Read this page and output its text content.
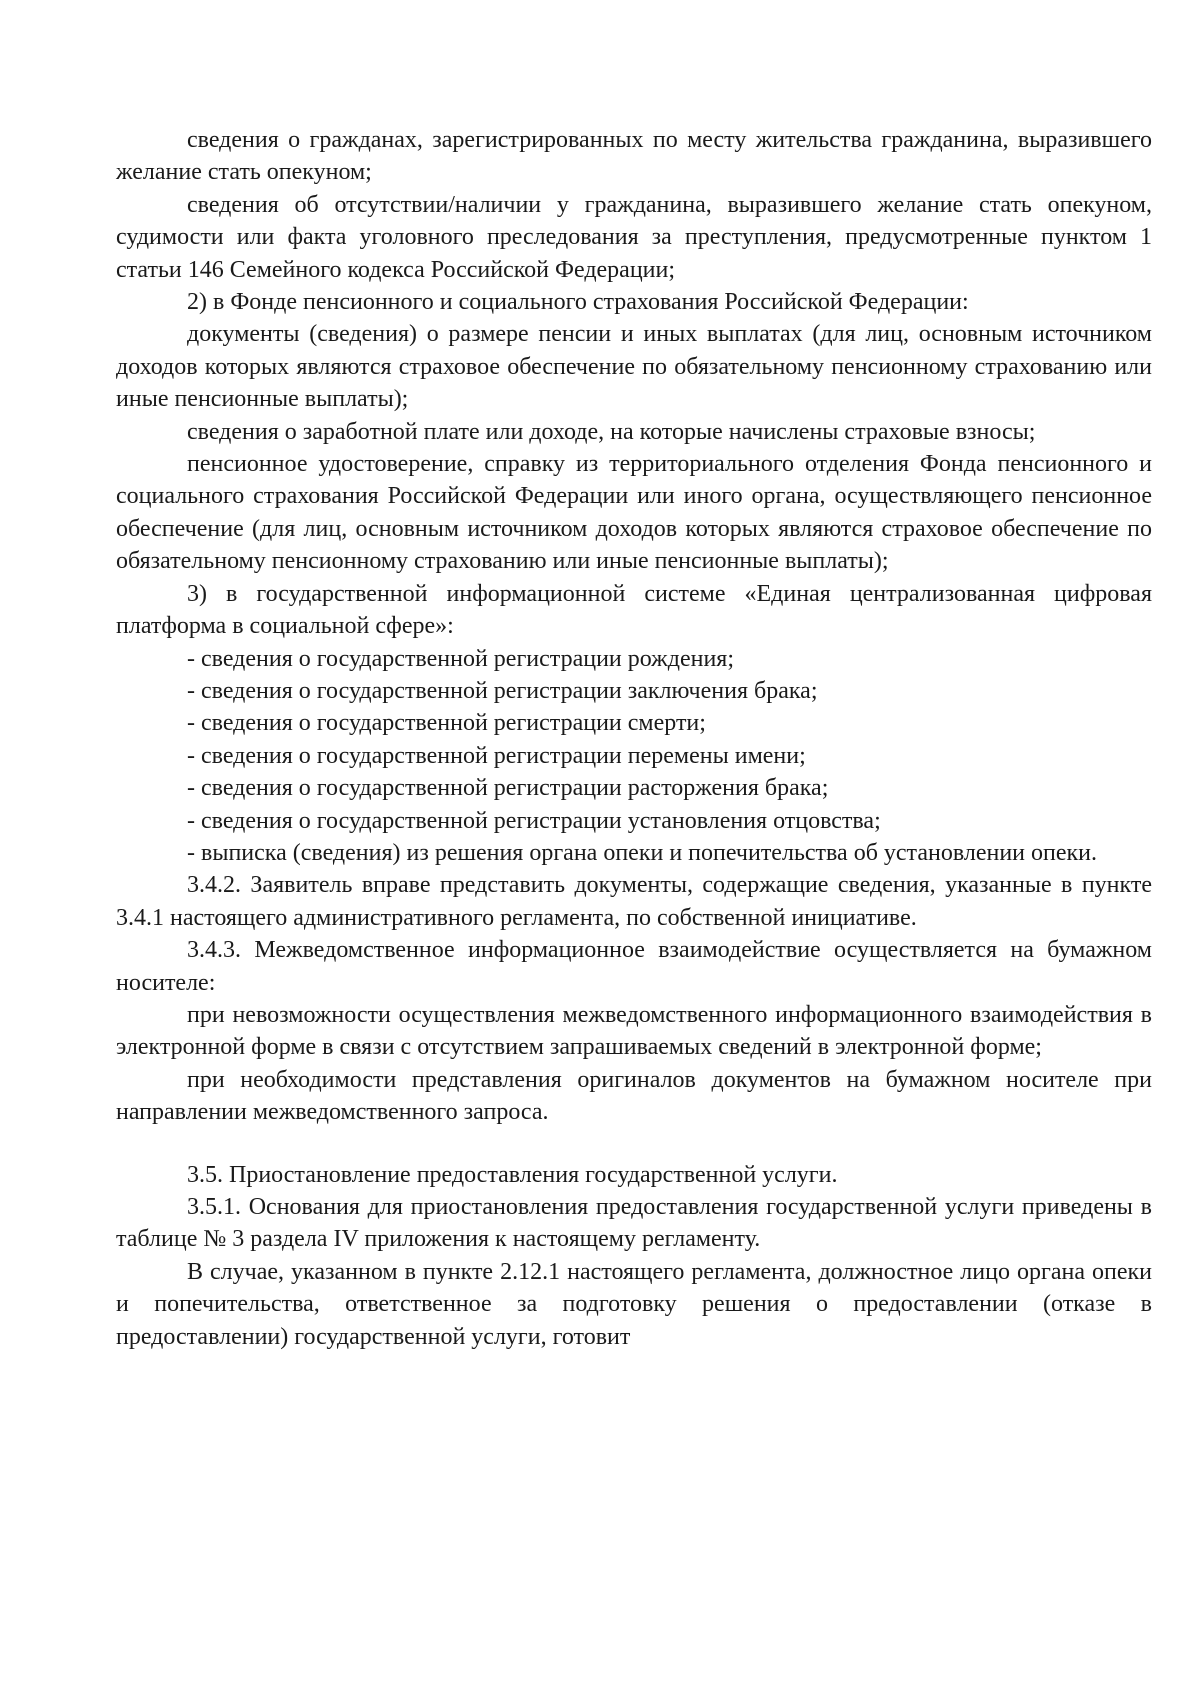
сведения о гражданах, зарегистрированных по месту жительства гражданина, выразившего желание стать опекуном;

сведения об отсутствии/наличии у гражданина, выразившего желание стать опекуном, судимости или факта уголовного преследования за преступления, предусмотренные пунктом 1 статьи 146 Семейного кодекса Российской Федерации;

2) в Фонде пенсионного и социального страхования Российской Федерации:

документы (сведения) о размере пенсии и иных выплатах (для лиц, основным источником доходов которых являются страховое обеспечение по обязательному пенсионному страхованию или иные пенсионные выплаты);

сведения о заработной плате или доходе, на которые начислены страховые взносы;

пенсионное удостоверение, справку из территориального отделения Фонда пенсионного и социального страхования Российской Федерации или иного органа, осуществляющего пенсионное обеспечение (для лиц, основным источником доходов которых являются страховое обеспечение по обязательному пенсионному страхованию или иные пенсионные выплаты);

3) в государственной информационной системе «Единая централизованная цифровая платформа в социальной сфере»:

- сведения о государственной регистрации рождения;

- сведения о государственной регистрации заключения брака;

- сведения о государственной регистрации смерти;

- сведения о государственной регистрации перемены имени;

- сведения о государственной регистрации расторжения брака;

- сведения о государственной регистрации установления отцовства;

- выписка (сведения) из решения органа опеки и попечительства об установлении опеки.

3.4.2. Заявитель вправе представить документы, содержащие сведения, указанные в пункте 3.4.1 настоящего административного регламента, по собственной инициативе.

3.4.3. Межведомственное информационное взаимодействие осуществляется на бумажном носителе:

при невозможности осуществления межведомственного информационного взаимодействия в электронной форме в связи с отсутствием запрашиваемых сведений в электронной форме;

при необходимости представления оригиналов документов на бумажном носителе при направлении межведомственного запроса.

3.5. Приостановление предоставления государственной услуги.

3.5.1. Основания для приостановления предоставления государственной услуги приведены в таблице № 3 раздела IV приложения к настоящему регламенту.

В случае, указанном в пункте 2.12.1 настоящего регламента, должностное лицо органа опеки и попечительства, ответственное за подготовку решения о предоставлении (отказе в предоставлении) государственной услуги, готовит
